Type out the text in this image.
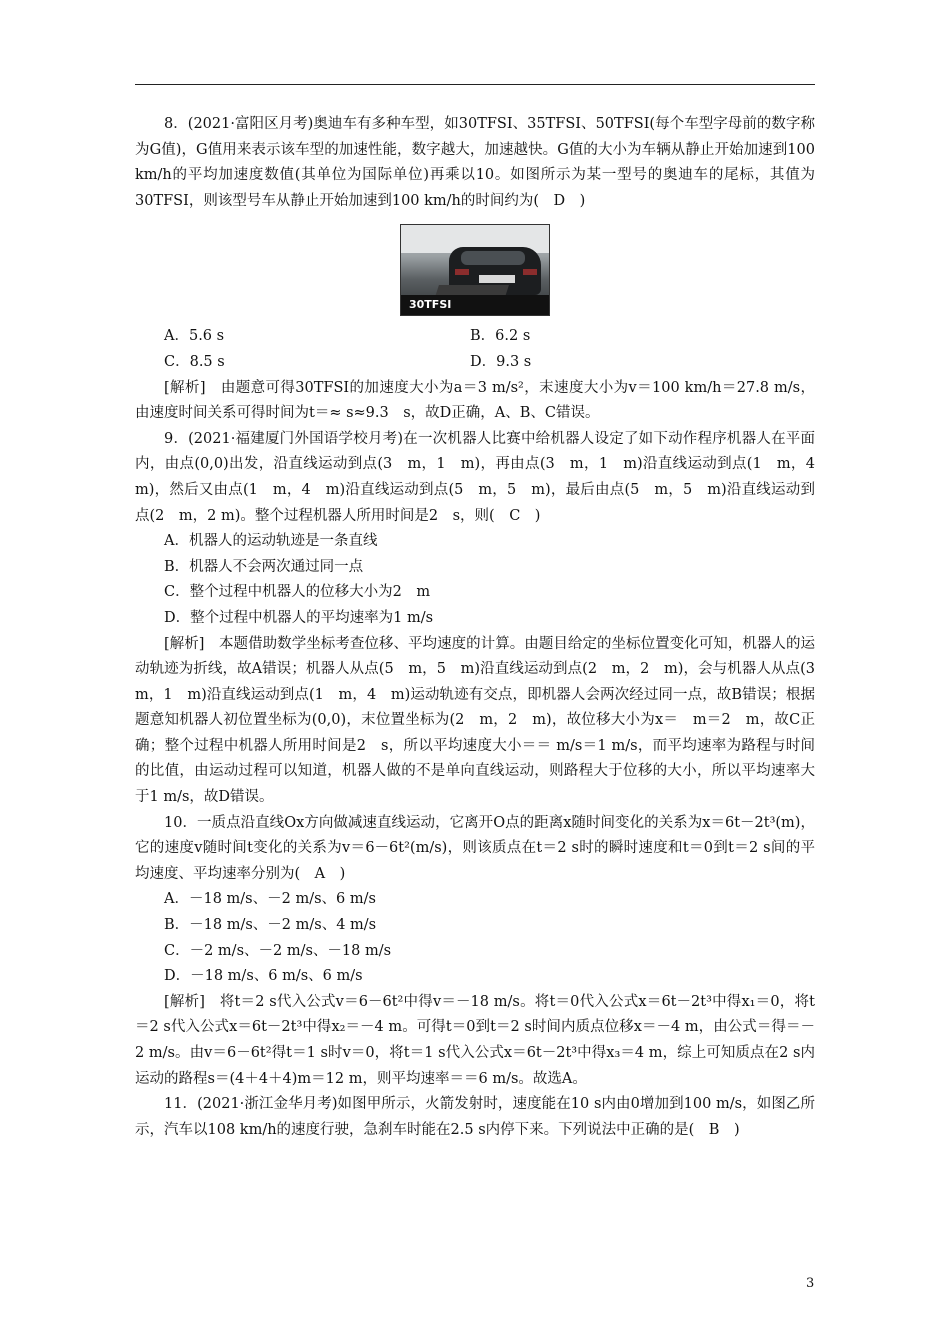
8．(2021·富阳区月考)奥迪车有多种车型，如30TFSI、35TFSI、50TFSI(每个车型字母前的数字称为G值)，G值用来表示该车型的加速性能，数字越大，加速越快。G值的大小为车辆从静止开始加速到100 km/h的平均加速度数值(其单位为国际单位)再乘以10。如图所示为某一型号的奥迪车的尾标，其值为30TFSI，则该型号车从静止开始加速到100 km/h的时间约为(　D　)

30TFSI
A．5.6 s	B．6.2 s
C．8.5 s	D．9.3 s

[解析]　 由题意可得30TFSI的加速度大小为a＝3 m/s²，末速度大小为v＝100 km/h＝27.8 m/s，由速度时间关系可得时间为t＝≈ s≈9.3　s，故D正确，A、B、C错误。

9．(2021·福建厦门外国语学校月考)在一次机器人比赛中给机器人设定了如下动作程序机器人在平面内，由点(0,0)出发，沿直线运动到点(3　m，1　m)，再由点(3　m，1　m)沿直线运动到点(1　m，4　m)，然后又由点(1　m，4　m)沿直线运动到点(5　m，5　m)，最后由点(5　m，5　m)沿直线运动到点(2　m，2 m)。整个过程机器人所用时间是2　s，则(　C　)

A．机器人的运动轨迹是一条直线

B．机器人不会两次通过同一点

C．整个过程中机器人的位移大小为2　m

D．整个过程中机器人的平均速率为1 m/s

[解析]　 本题借助数学坐标考查位移、平均速度的计算。由题目给定的坐标位置变化可知，机器人的运动轨迹为折线，故A错误；机器人从点(5　m，5　m)沿直线运动到点(2　m，2　m)，会与机器人从点(3　m，1　m)沿直线运动到点(1　m，4　m)运动轨迹有交点，即机器人会两次经过同一点，故B错误；根据题意知机器人初位置坐标为(0,0)，末位置坐标为(2　m，2　m)，故位移大小为x＝　m＝2　m，故C正确；整个过程中机器人所用时间是2　s，所以平均速度大小＝＝ m/s＝1 m/s，而平均速率为路程与时间的比值，由运动过程可以知道，机器人做的不是单向直线运动，则路程大于位移的大小，所以平均速率大于1 m/s，故D错误。

10．一质点沿直线Ox方向做减速直线运动，它离开O点的距离x随时间变化的关系为x＝6t－2t³(m)，它的速度v随时间t变化的关系为v＝6－6t²(m/s)，则该质点在t＝2 s时的瞬时速度和t＝0到t＝2 s间的平均速度、平均速率分别为(　A　)

A．－18 m/s、－2 m/s、6 m/s

B．－18 m/s、－2 m/s、4 m/s

C．－2 m/s、－2 m/s、－18 m/s

D．－18 m/s、6 m/s、6 m/s

[解析]　 将t＝2 s代入公式v＝6－6t²中得v＝－18 m/s。将t＝0代入公式x＝6t－2t³中得x₁＝0，将t＝2 s代入公式x＝6t－2t³中得x₂＝－4 m。可得t＝0到t＝2 s时间内质点位移x＝－4 m，由公式＝得＝－2 m/s。由v＝6－6t²得t＝1 s时v＝0，将t＝1 s代入公式x＝6t－2t³中得x₃＝4 m，综上可知质点在2 s内运动的路程s＝(4＋4＋4)m＝12 m，则平均速率＝＝6 m/s。故选A。

11．(2021·浙江金华月考)如图甲所示，火箭发射时，速度能在10 s内由0增加到100 m/s，如图乙所示，汽车以108 km/h的速度行驶，急刹车时能在2.5 s内停下来。下列说法中正确的是(　B　)

3
